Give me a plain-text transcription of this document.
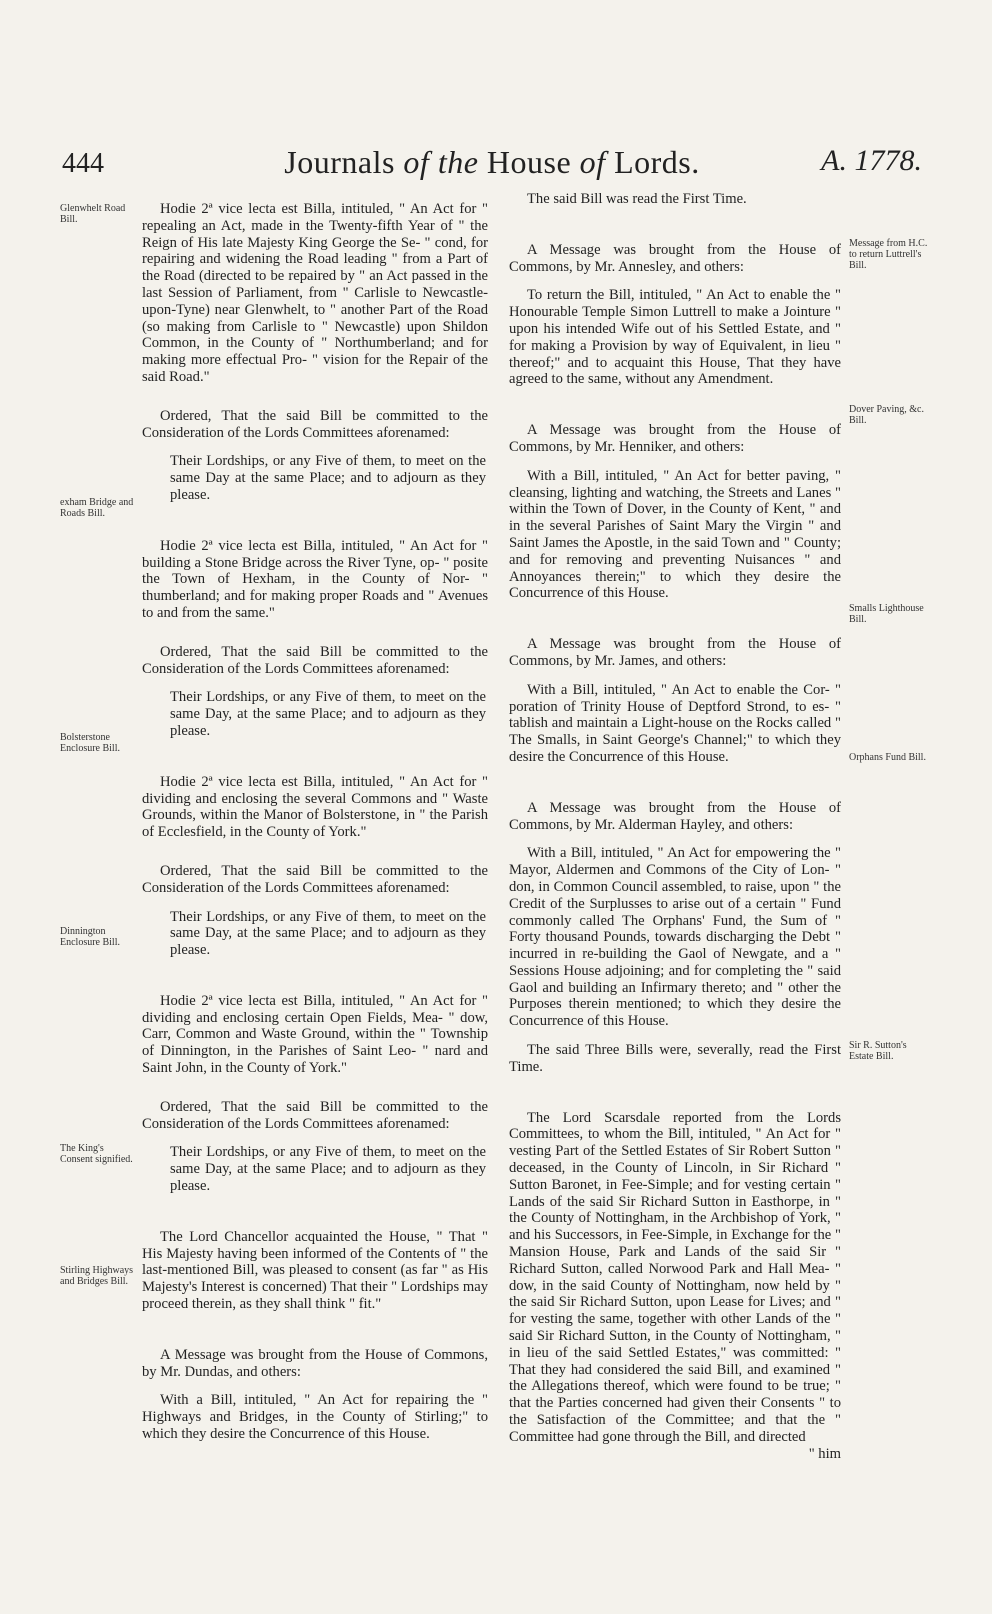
444	Journals of the House of Lords.	A. 1778.
Glenwhelt Road Bill.
exham Bridge and Roads Bill.
Bolsterstone Enclosure Bill.
Dinnington Enclosure Bill.
The King's Consent signified.
Stirling Highways and Bridges Bill.
Message from H.C. to return Luttrell's Bill.
Dover Paving, &c. Bill.
Smalls Lighthouse Bill.
Orphans Fund Bill.
Sir R. Sutton's Estate Bill.

Hodie 2ª vice lecta est Billa, intituled, " An Act for " repealing an Act, made in the Twenty-fifth Year of " the Reign of His late Majesty King George the Se- " cond, for repairing and widening the Road leading " from a Part of the Road (directed to be repaired by " an Act passed in the last Session of Parliament, from " Carlisle to Newcastle-upon-Tyne) near Glenwhelt, to " another Part of the Road (so making from Carlisle to " Newcastle) upon Shildon Common, in the County of " Northumberland; and for making more effectual Pro- " vision for the Repair of the said Road."

Ordered, That the said Bill be committed to the Consideration of the Lords Committees aforenamed:

Their Lordships, or any Five of them, to meet on the same Day at the same Place; and to adjourn as they please.

Hodie 2ª vice lecta est Billa, intituled, " An Act for " building a Stone Bridge across the River Tyne, op- " posite the Town of Hexham, in the County of Nor- " thumberland; and for making proper Roads and " Avenues to and from the same."

Ordered, That the said Bill be committed to the Consideration of the Lords Committees aforenamed:

Their Lordships, or any Five of them, to meet on the same Day, at the same Place; and to adjourn as they please.

Hodie 2ª vice lecta est Billa, intituled, " An Act for " dividing and enclosing the several Commons and " Waste Grounds, within the Manor of Bolsterstone, in " the Parish of Ecclesfield, in the County of York."

Ordered, That the said Bill be committed to the Consideration of the Lords Committees aforenamed:

Their Lordships, or any Five of them, to meet on the same Day, at the same Place; and to adjourn as they please.

Hodie 2ª vice lecta est Billa, intituled, " An Act for " dividing and enclosing certain Open Fields, Mea- " dow, Carr, Common and Waste Ground, within the " Township of Dinnington, in the Parishes of Saint Leo- " nard and Saint John, in the County of York."

Ordered, That the said Bill be committed to the Consideration of the Lords Committees aforenamed:

Their Lordships, or any Five of them, to meet on the same Day, at the same Place; and to adjourn as they please.

The Lord Chancellor acquainted the House, " That " His Majesty having been informed of the Contents of " the last-mentioned Bill, was pleased to consent (as far " as His Majesty's Interest is concerned) That their " Lordships may proceed therein, as they shall think " fit."

A Message was brought from the House of Commons, by Mr. Dundas, and others:

With a Bill, intituled, " An Act for repairing the " Highways and Bridges, in the County of Stirling;" to which they desire the Concurrence of this House.

The said Bill was read the First Time.

A Message was brought from the House of Commons, by Mr. Annesley, and others:

To return the Bill, intituled, " An Act to enable the " Honourable Temple Simon Luttrell to make a Jointure " upon his intended Wife out of his Settled Estate, and " for making a Provision by way of Equivalent, in lieu " thereof;" and to acquaint this House, That they have agreed to the same, without any Amendment.

A Message was brought from the House of Commons, by Mr. Henniker, and others:

With a Bill, intituled, " An Act for better paving, " cleansing, lighting and watching, the Streets and Lanes " within the Town of Dover, in the County of Kent, " and in the several Parishes of Saint Mary the Virgin " and Saint James the Apostle, in the said Town and " County; and for removing and preventing Nuisances " and Annoyances therein;" to which they desire the Concurrence of this House.

A Message was brought from the House of Commons, by Mr. James, and others:

With a Bill, intituled, " An Act to enable the Cor- " poration of Trinity House of Deptford Strond, to es- " tablish and maintain a Light-house on the Rocks called " The Smalls, in Saint George's Channel;" to which they desire the Concurrence of this House.

A Message was brought from the House of Commons, by Mr. Alderman Hayley, and others:

With a Bill, intituled, " An Act for empowering the " Mayor, Aldermen and Commons of the City of Lon- " don, in Common Council assembled, to raise, upon " the Credit of the Surplusses to arise out of a certain " Fund commonly called The Orphans' Fund, the Sum of " Forty thousand Pounds, towards discharging the Debt " incurred in re-building the Gaol of Newgate, and a " Sessions House adjoining; and for completing the " said Gaol and building an Infirmary thereto; and " other the Purposes therein mentioned; to which they desire the Concurrence of this House.

The said Three Bills were, severally, read the First Time.

The Lord Scarsdale reported from the Lords Committees, to whom the Bill, intituled, " An Act for " vesting Part of the Settled Estates of Sir Robert Sutton " deceased, in the County of Lincoln, in Sir Richard " Sutton Baronet, in Fee-Simple; and for vesting certain " Lands of the said Sir Richard Sutton in Easthorpe, in " the County of Nottingham, in the Archbishop of York, " and his Successors, in Fee-Simple, in Exchange for the " Mansion House, Park and Lands of the said Sir " Richard Sutton, called Norwood Park and Hall Mea- " dow, in the said County of Nottingham, now held by " the said Sir Richard Sutton, upon Lease for Lives; and " for vesting the same, together with other Lands of the " said Sir Richard Sutton, in the County of Nottingham, " in lieu of the said Settled Estates," was committed: " That they had considered the said Bill, and examined " the Allegations thereof, which were found to be true; " that the Parties concerned had given their Consents " to the Satisfaction of the Committee; and that the " Committee had gone through the Bill, and directed

" him
